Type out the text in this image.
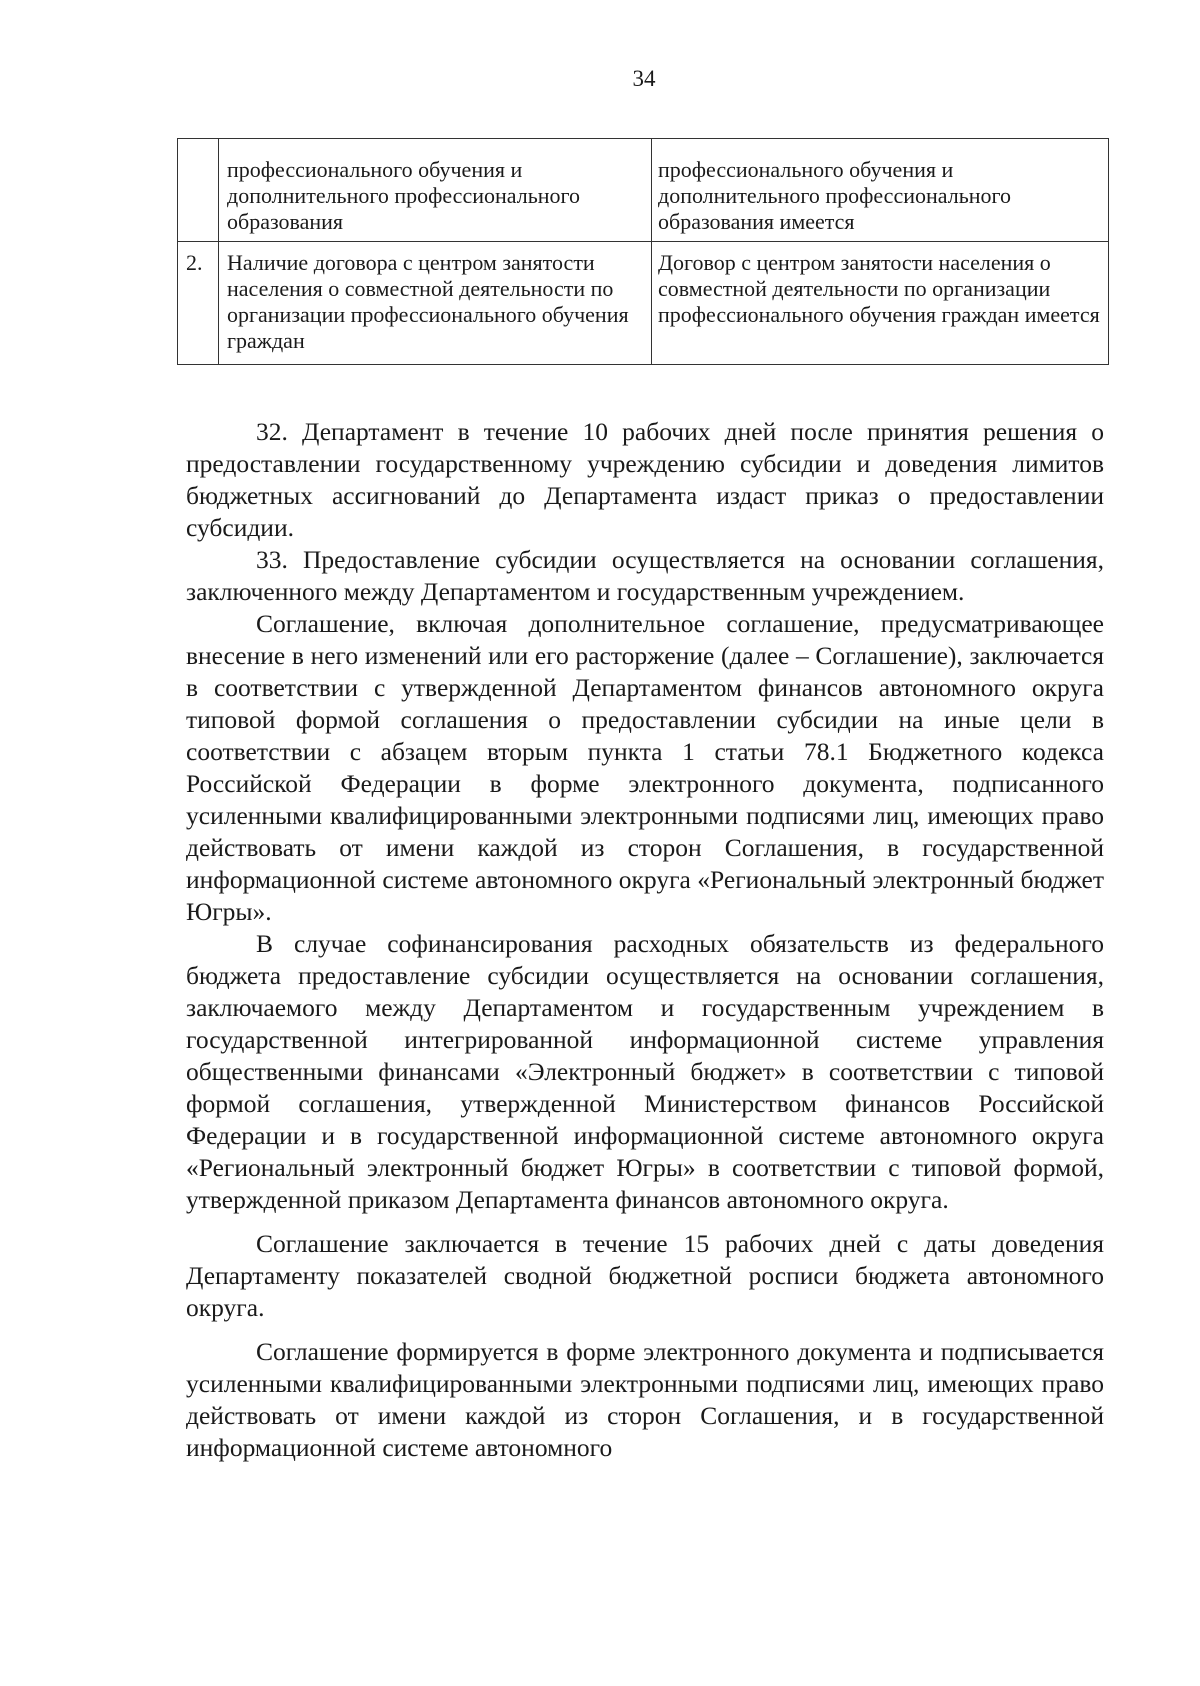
34
	профессионального обучения и дополнительного профессионального образования	профессионального обучения и дополнительного профессионального образования имеется
2.	Наличие договора с центром занятости населения о совместной деятельности по организации профессионального обучения граждан	Договор с центром занятости населения о совместной деятельности по организации профессионального обучения граждан имеется

32. Департамент в течение 10 рабочих дней после принятия решения о предоставлении государственному учреждению субсидии и доведения лимитов бюджетных ассигнований до Департамента издаст приказ о предоставлении субсидии.

33. Предоставление субсидии осуществляется на основании соглашения, заключенного между Департаментом и государственным учреждением.

Соглашение, включая дополнительное соглашение, предусматривающее внесение в него изменений или его расторжение (далее – Соглашение), заключается в соответствии с утвержденной Департаментом финансов автономного округа типовой формой соглашения о предоставлении субсидии на иные цели в соответствии с абзацем вторым пункта 1 статьи 78.1 Бюджетного кодекса Российской Федерации в форме электронного документа, подписанного усиленными квалифицированными электронными подписями лиц, имеющих право действовать от имени каждой из сторон Соглашения, в государственной информационной системе автономного округа «Региональный электронный бюджет Югры».

В случае софинансирования расходных обязательств из федерального бюджета предоставление субсидии осуществляется на основании соглашения, заключаемого между Департаментом и государственным учреждением в государственной интегрированной информационной системе управления общественными финансами «Электронный бюджет» в соответствии с типовой формой соглашения, утвержденной Министерством финансов Российской Федерации и в государственной информационной системе автономного округа «Региональный электронный бюджет Югры» в соответствии с типовой формой, утвержденной приказом Департамента финансов автономного округа.

Соглашение заключается в течение 15 рабочих дней с даты доведения Департаменту показателей сводной бюджетной росписи бюджета автономного округа.

Соглашение формируется в форме электронного документа и подписывается усиленными квалифицированными электронными подписями лиц, имеющих право действовать от имени каждой из сторон Соглашения, и в государственной информационной системе автономного
